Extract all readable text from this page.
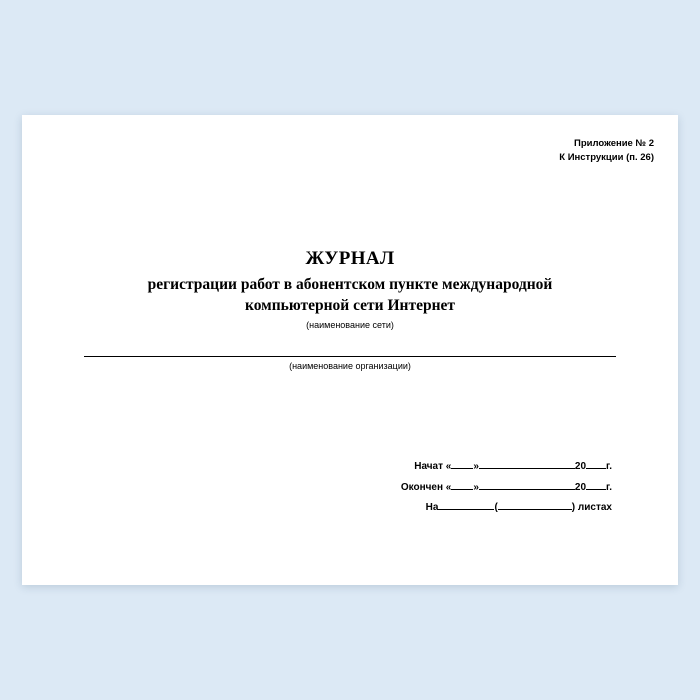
Приложение № 2
К Инструкции (п. 26)
ЖУРНАЛ
регистрации работ в абонентском пункте международной
компьютерной сети Интернет
(наименование сети)
(наименование организации)
Начат « »	20 г.
Окончен « »	20 г.
На	(	) листах
